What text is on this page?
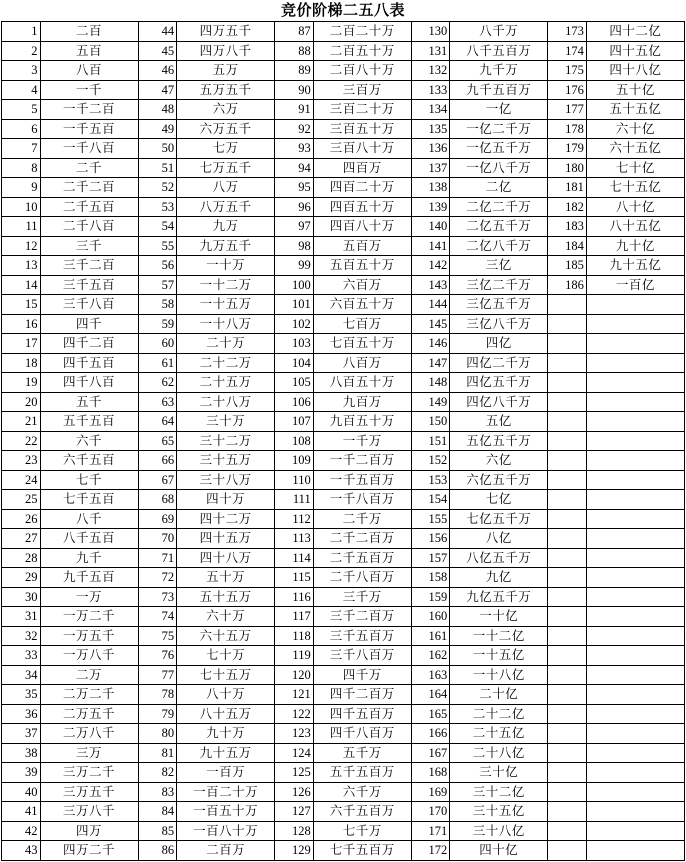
竞价阶梯二五八表
1	二百	44	四万五千	87	二百二十万	130	八千万	173	四十二亿
2	五百	45	四万八千	88	二百五十万	131	八千五百万	174	四十五亿
3	八百	46	五万	89	二百八十万	132	九千万	175	四十八亿
4	一千	47	五万五千	90	三百万	133	九千五百万	176	五十亿
5	一千二百	48	六万	91	三百二十万	134	一亿	177	五十五亿
6	一千五百	49	六万五千	92	三百五十万	135	一亿二千万	178	六十亿
7	一千八百	50	七万	93	三百八十万	136	一亿五千万	179	六十五亿
8	二千	51	七万五千	94	四百万	137	一亿八千万	180	七十亿
9	二千二百	52	八万	95	四百二十万	138	二亿	181	七十五亿
10	二千五百	53	八万五千	96	四百五十万	139	二亿二千万	182	八十亿
11	二千八百	54	九万	97	四百八十万	140	二亿五千万	183	八十五亿
12	三千	55	九万五千	98	五百万	141	二亿八千万	184	九十亿
13	三千二百	56	一十万	99	五百五十万	142	三亿	185	九十五亿
14	三千五百	57	一十二万	100	六百万	143	三亿二千万	186	一百亿
15	三千八百	58	一十五万	101	六百五十万	144	三亿五千万		
16	四千	59	一十八万	102	七百万	145	三亿八千万		
17	四千二百	60	二十万	103	七百五十万	146	四亿		
18	四千五百	61	二十二万	104	八百万	147	四亿二千万		
19	四千八百	62	二十五万	105	八百五十万	148	四亿五千万		
20	五千	63	二十八万	106	九百万	149	四亿八千万		
21	五千五百	64	三十万	107	九百五十万	150	五亿		
22	六千	65	三十二万	108	一千万	151	五亿五千万		
23	六千五百	66	三十五万	109	一千二百万	152	六亿		
24	七千	67	三十八万	110	一千五百万	153	六亿五千万		
25	七千五百	68	四十万	111	一千八百万	154	七亿		
26	八千	69	四十二万	112	二千万	155	七亿五千万		
27	八千五百	70	四十五万	113	二千二百万	156	八亿		
28	九千	71	四十八万	114	二千五百万	157	八亿五千万		
29	九千五百	72	五十万	115	二千八百万	158	九亿		
30	一万	73	五十五万	116	三千万	159	九亿五千万		
31	一万二千	74	六十万	117	三千二百万	160	一十亿		
32	一万五千	75	六十五万	118	三千五百万	161	一十二亿		
33	一万八千	76	七十万	119	三千八百万	162	一十五亿		
34	二万	77	七十五万	120	四千万	163	一十八亿		
35	二万二千	78	八十万	121	四千二百万	164	二十亿		
36	二万五千	79	八十五万	122	四千五百万	165	二十二亿		
37	二万八千	80	九十万	123	四千八百万	166	二十五亿		
38	三万	81	九十五万	124	五千万	167	二十八亿		
39	三万二千	82	一百万	125	五千五百万	168	三十亿		
40	三万五千	83	一百二十万	126	六千万	169	三十二亿		
41	三万八千	84	一百五十万	127	六千五百万	170	三十五亿		
42	四万	85	一百八十万	128	七千万	171	三十八亿		
43	四万二千	86	二百万	129	七千五百万	172	四十亿		
